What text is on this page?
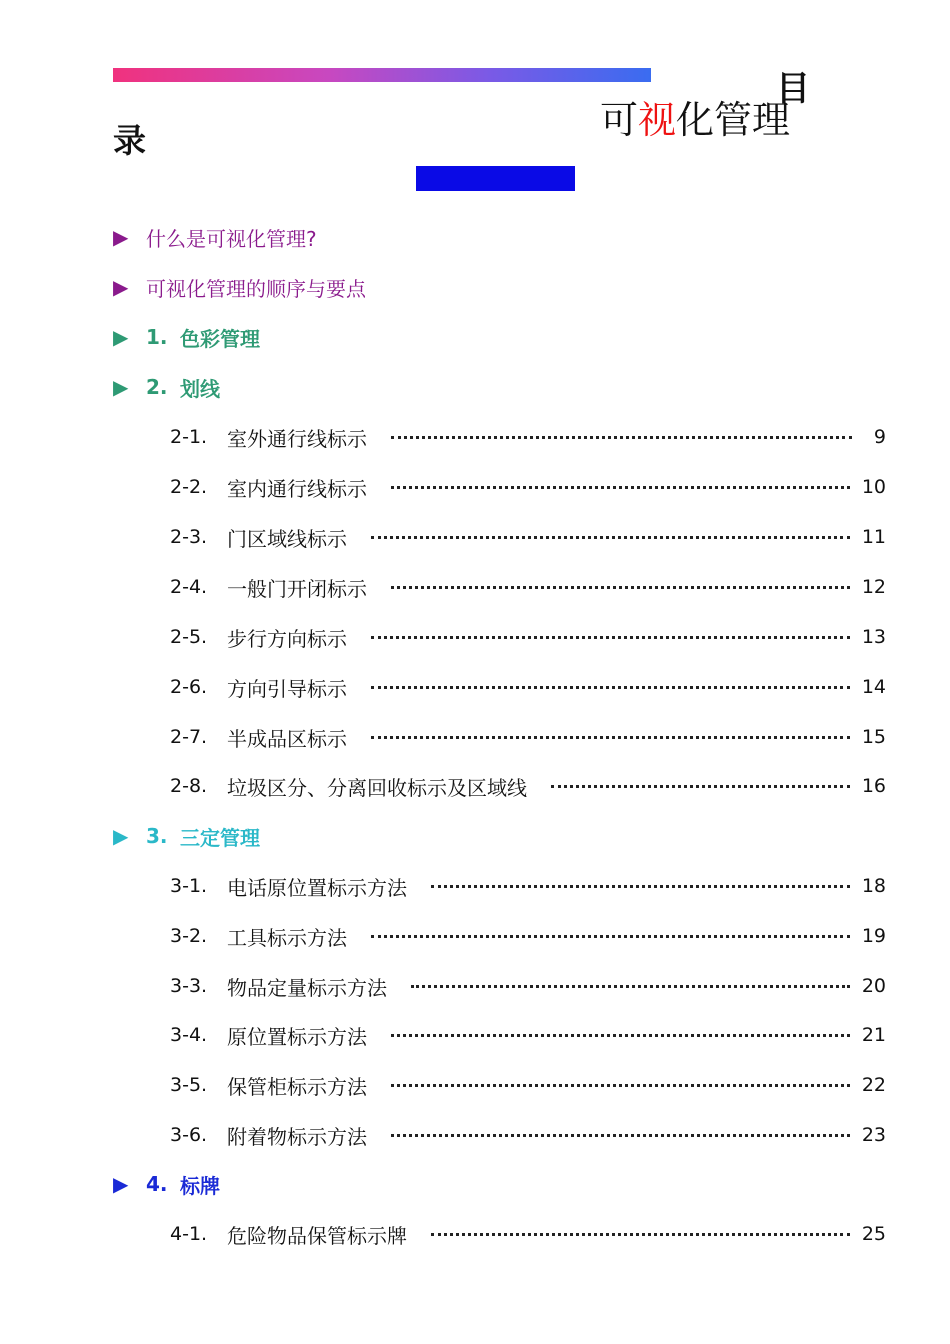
目
可视化管理
录
▶ 什么是可视化管理?
▶ 可视化管理的顺序与要点
▶ 1. 色彩管理
▶ 2. 划线
2-1. 室外通行线标示	9
2-2. 室内通行线标示	10
2-3. 门区域线标示	11
2-4. 一般门开闭标示	12
2-5. 步行方向标示	13
2-6. 方向引导标示	14
2-7. 半成品区标示	15
2-8. 垃圾区分、分离回收标示及区域线	16
▶ 3. 三定管理
3-1. 电话原位置标示方法	18
3-2. 工具标示方法	19
3-3. 物品定量标示方法	20
3-4. 原位置标示方法	21
3-5. 保管柜标示方法	22
3-6. 附着物标示方法	23
▶ 4. 标牌
4-1. 危险物品保管标示牌	25
